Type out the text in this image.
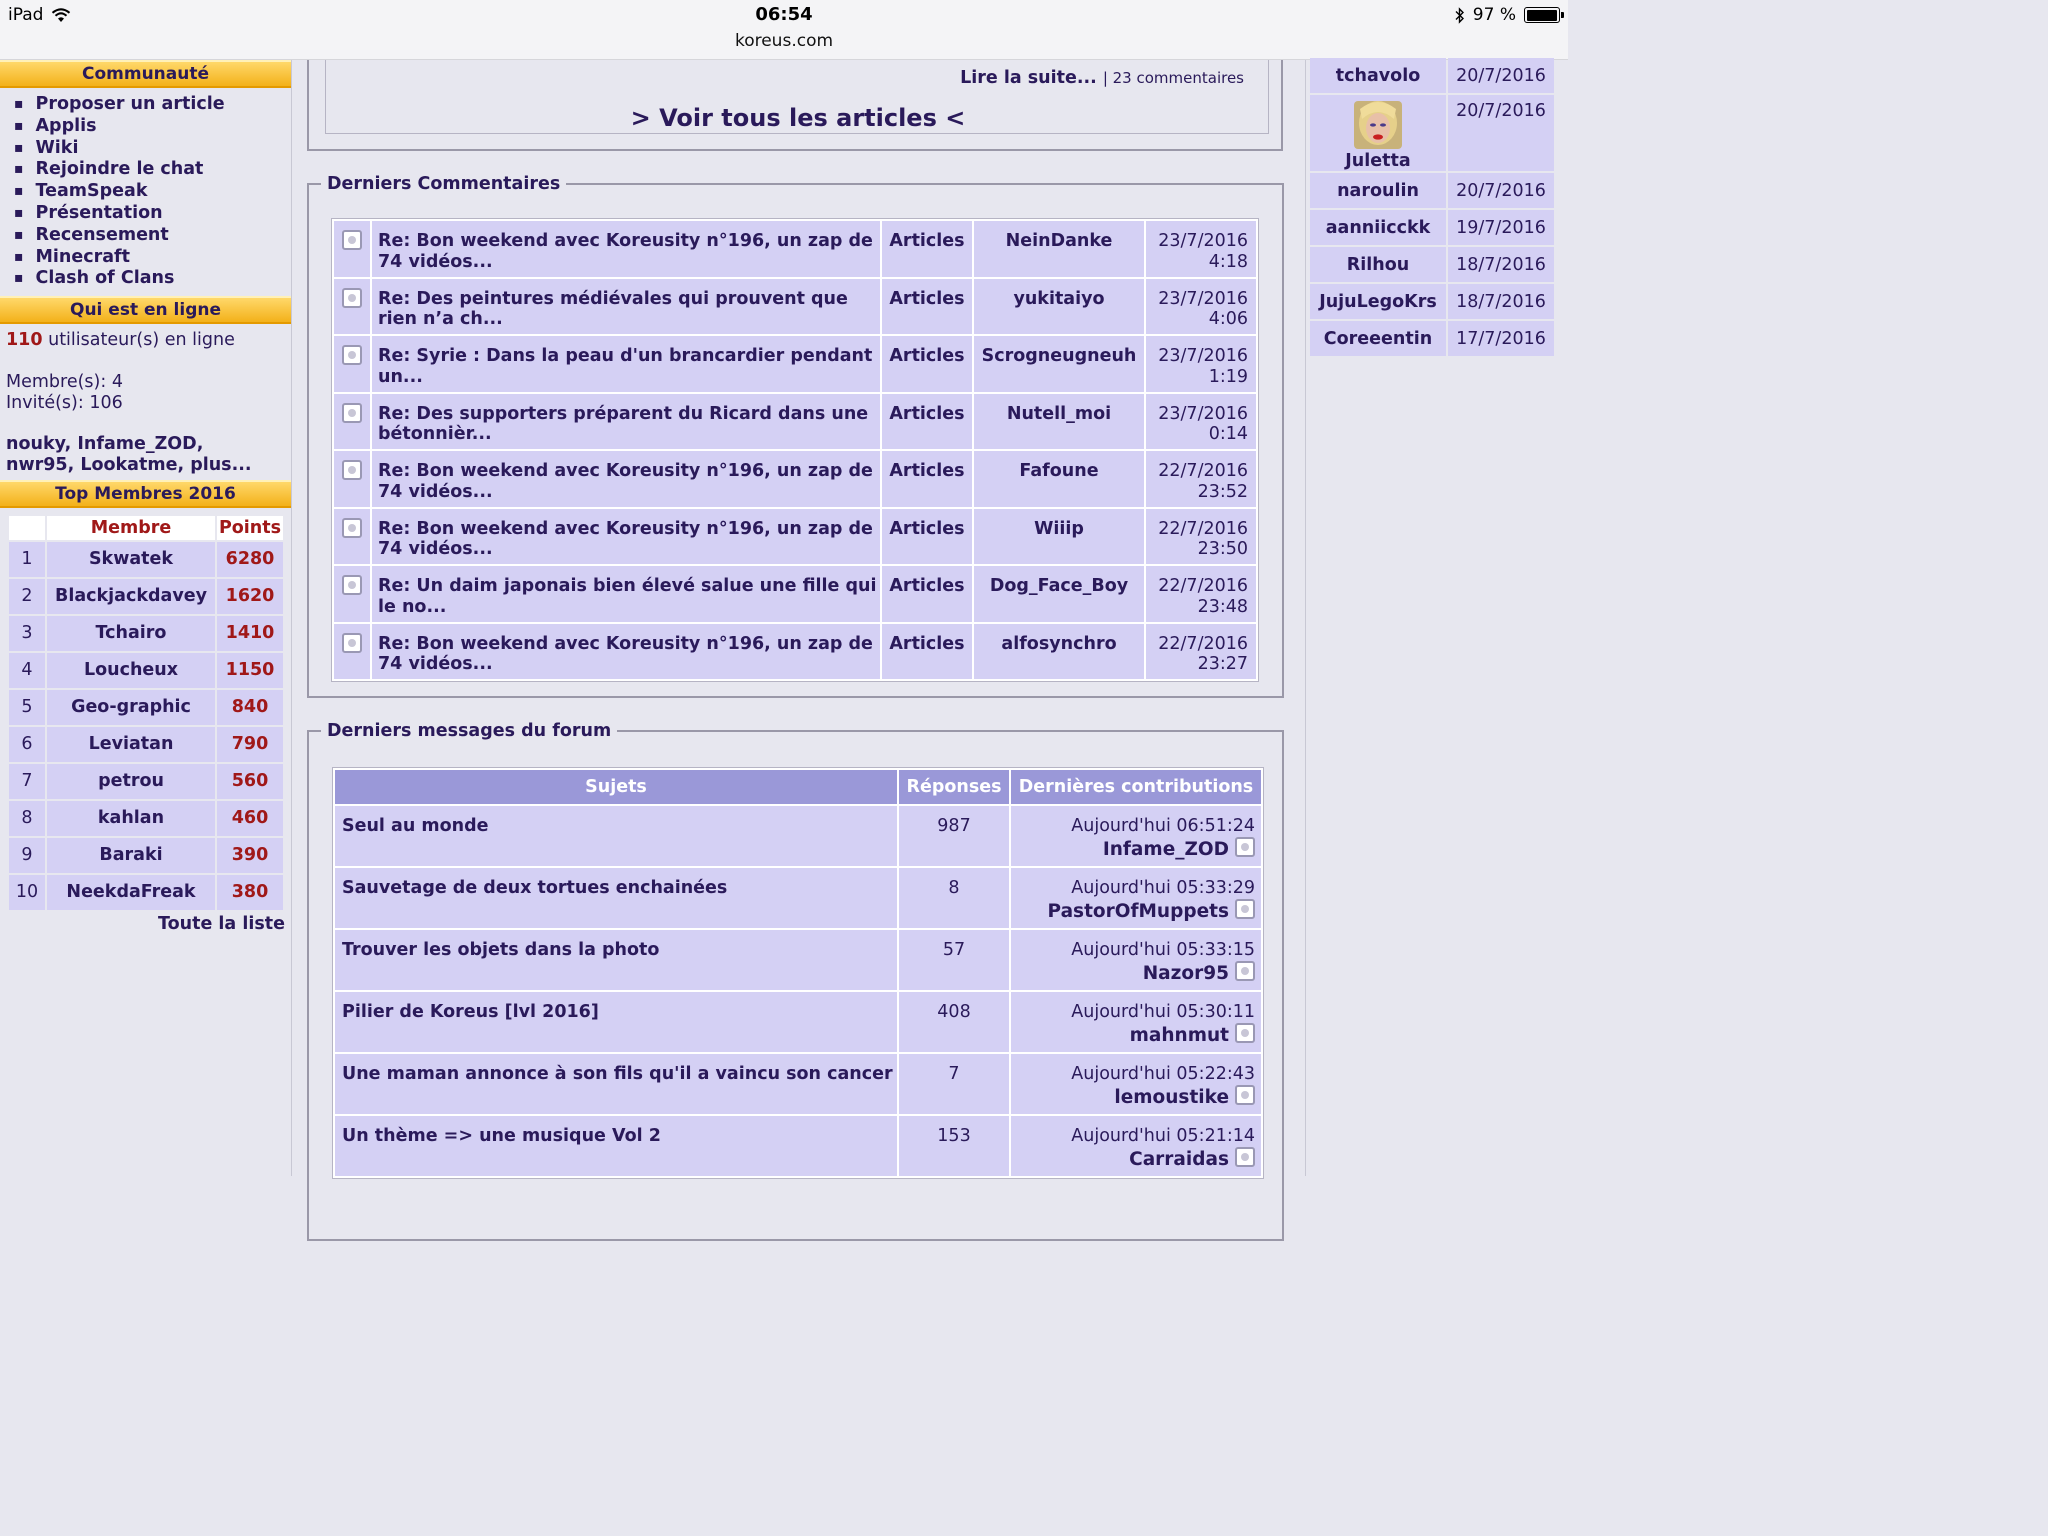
iPad	06:54
koreus.com
97 %
Communauté
▪ Proposer un article
▪ Applis
▪ Wiki
▪ Rejoindre le chat
▪ TeamSpeak
▪ Présentation
▪ Recensement
▪ Minecraft
▪ Clash of Clans
Qui est en ligne
110 utilisateur(s) en ligne
Membre(s): 4
Invité(s): 106
nouky, Infame_ZOD,
nwr95, Lookatme, plus...
Top Membres 2016
	Membre	Points
1	Skwatek	6280
2	Blackjackdavey	1620
3	Tchairo	1410
4	Loucheux	1150
5	Geo-graphic	840
6	Leviatan	790
7	petrou	560
8	kahlan	460
9	Baraki	390
10	NeekdaFreak	380
Toute la liste
Lire la suite... | 23 commentaires
> Voir tous les articles <
Derniers Commentaires
	Re: Bon weekend avec Koreusity n°196, un zap de 74 vidéos...	Articles	NeinDanke	23/7/2016
4:18

	Re: Des peintures médiévales qui prouvent que rien n’a ch...	Articles	yukitaiyo	23/7/2016
4:06

	Re: Syrie : Dans la peau d'un brancardier pendant un...	Articles	Scrogneugneuh	23/7/2016
1:19

	Re: Des supporters préparent du Ricard dans une bétonnièr...	Articles	Nutell_moi	23/7/2016
0:14

	Re: Bon weekend avec Koreusity n°196, un zap de 74 vidéos...	Articles	Fafoune	22/7/2016
23:52

	Re: Bon weekend avec Koreusity n°196, un zap de 74 vidéos...	Articles	Wiiip	22/7/2016
23:50

	Re: Un daim japonais bien élevé salue une fille qui le no...	Articles	Dog_Face_Boy	22/7/2016
23:48

	Re: Bon weekend avec Koreusity n°196, un zap de 74 vidéos...	Articles	alfosynchro	22/7/2016
23:27
Derniers messages du forum
Sujets	Réponses	Dernières contributions
Seul au monde	987	Aujourd'hui 06:51:24
Infame_ZOD

Sauvetage de deux tortues enchainées	8	Aujourd'hui 05:33:29
PastorOfMuppets

Trouver les objets dans la photo	57	Aujourd'hui 05:33:15
Nazor95

Pilier de Koreus [lvl 2016]	408	Aujourd'hui 05:30:11
mahnmut

Une maman annonce à son fils qu'il a vaincu son cancer	7	Aujourd'hui 05:22:43
lemoustike

Un thème => une musique Vol 2	153	Aujourd'hui 05:21:14
Carraidas
tchavolo	20/7/2016

Juletta	20/7/2016
naroulin	20/7/2016
aanniicckk	19/7/2016
Rilhou	18/7/2016
JujuLegoKrs	18/7/2016
Coreeentin	17/7/2016
